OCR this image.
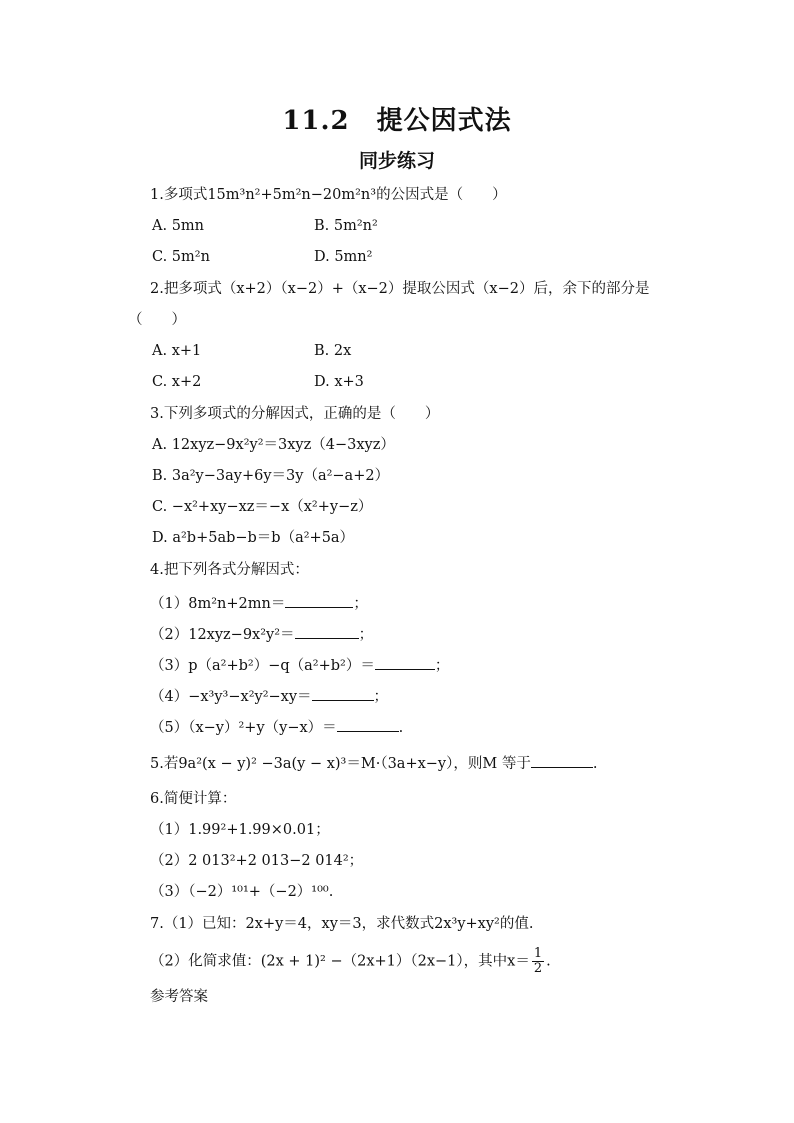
11.2　提公因式法
同步练习
1.多项式15m³n²+5m²n−20m²n³的公因式是（　　）
A. 5mn	B. 5m²n²
C. 5m²n	D. 5mn²
2.把多项式（x+2）（x−2）+（x−2）提取公因式（x−2）后，余下的部分是
（　　）
A. x+1	B. 2x
C. x+2	D. x+3
3.下列多项式的分解因式，正确的是（　　）
A. 12xyz−9x²y²＝3xyz（4−3xyz）
B. 3a²y−3ay+6y＝3y（a²−a+2）
C. −x²+xy−xz＝−x（x²+y−z）
D. a²b+5ab−b＝b（a²+5a）
4.把下列各式分解因式：
（1）8m²n+2mn＝	；
（2）12xyz−9x²y²＝	；
（3）p（a²+b²）−q（a²+b²）＝	；
（4）−x³y³−x²y²−xy＝	；
（5）（x−y）²+y（y−x）＝	.
5.若9a²(x − y)² −3a(y − x)³＝M·（3a+x−y），则M 等于	.
6.简便计算：
（1）1.99²+1.99×0.01；
（2）2 013²+2 013−2 014²；
（3）（−2）¹⁰¹+（−2）¹⁰⁰.
7.（1）已知：2x+y＝4，xy＝3，求代数式2x³y+xy²的值.
（2）化简求值：(2x + 1)² −（2x+1）（2x−1），其中$x= \frac{1}{2}$ .
参考答案
